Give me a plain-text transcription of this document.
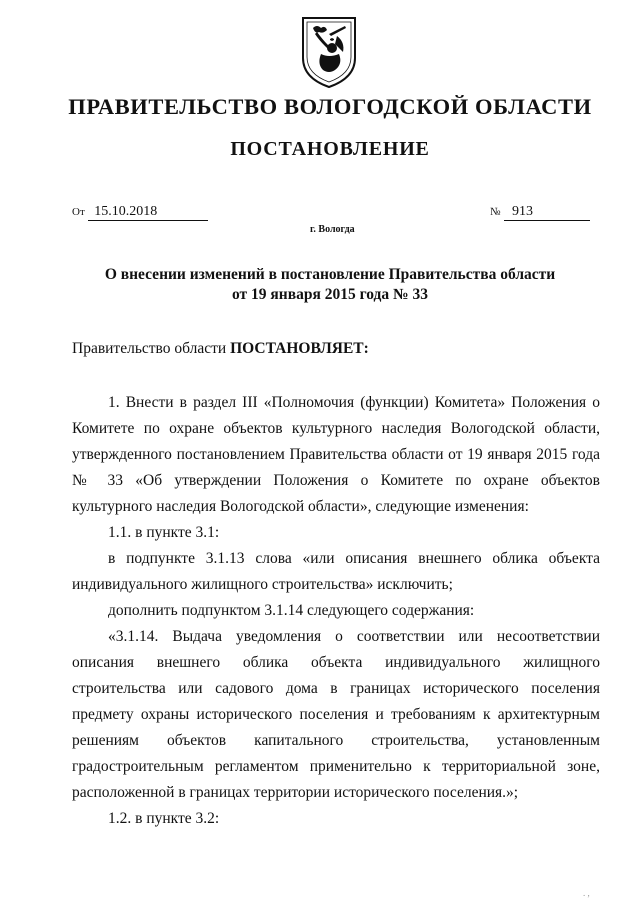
ПРАВИТЕЛЬСТВО ВОЛОГОДСКОЙ ОБЛАСТИ
ПОСТАНОВЛЕНИЕ
От 15.10.2018	№ 913
г. Вологда
О внесении изменений в постановление Правительства области
от 19 января 2015 года № 33
Правительство области ПОСТАНОВЛЯЕТ:

1. Внести в раздел III «Полномочия (функции) Комитета» Положения о Комитете по охране объектов культурного наследия Вологодской области, утвержденного постановлением Правительства области от 19 января 2015 года № 33 «Об утверждении Положения о Комитете по охране объектов культурного наследия Вологодской области», следующие изменения:

1.1. в пункте 3.1:

в подпункте 3.1.13 слова «или описания внешнего облика объекта индивидуального жилищного строительства» исключить;

дополнить подпунктом 3.1.14 следующего содержания:

«3.1.14. Выдача уведомления о соответствии или несоответствии описания внешнего облика объекта индивидуального жилищного строительства или садового дома в границах исторического поселения предмету охраны исторического поселения и требованиям к архитектурным решениям объектов капитального строительства, установленным градостроительным регламентом применительно к территориальной зоне, расположенной в границах территории исторического поселения.»;

1.2. в пункте 3.2:

. ,
